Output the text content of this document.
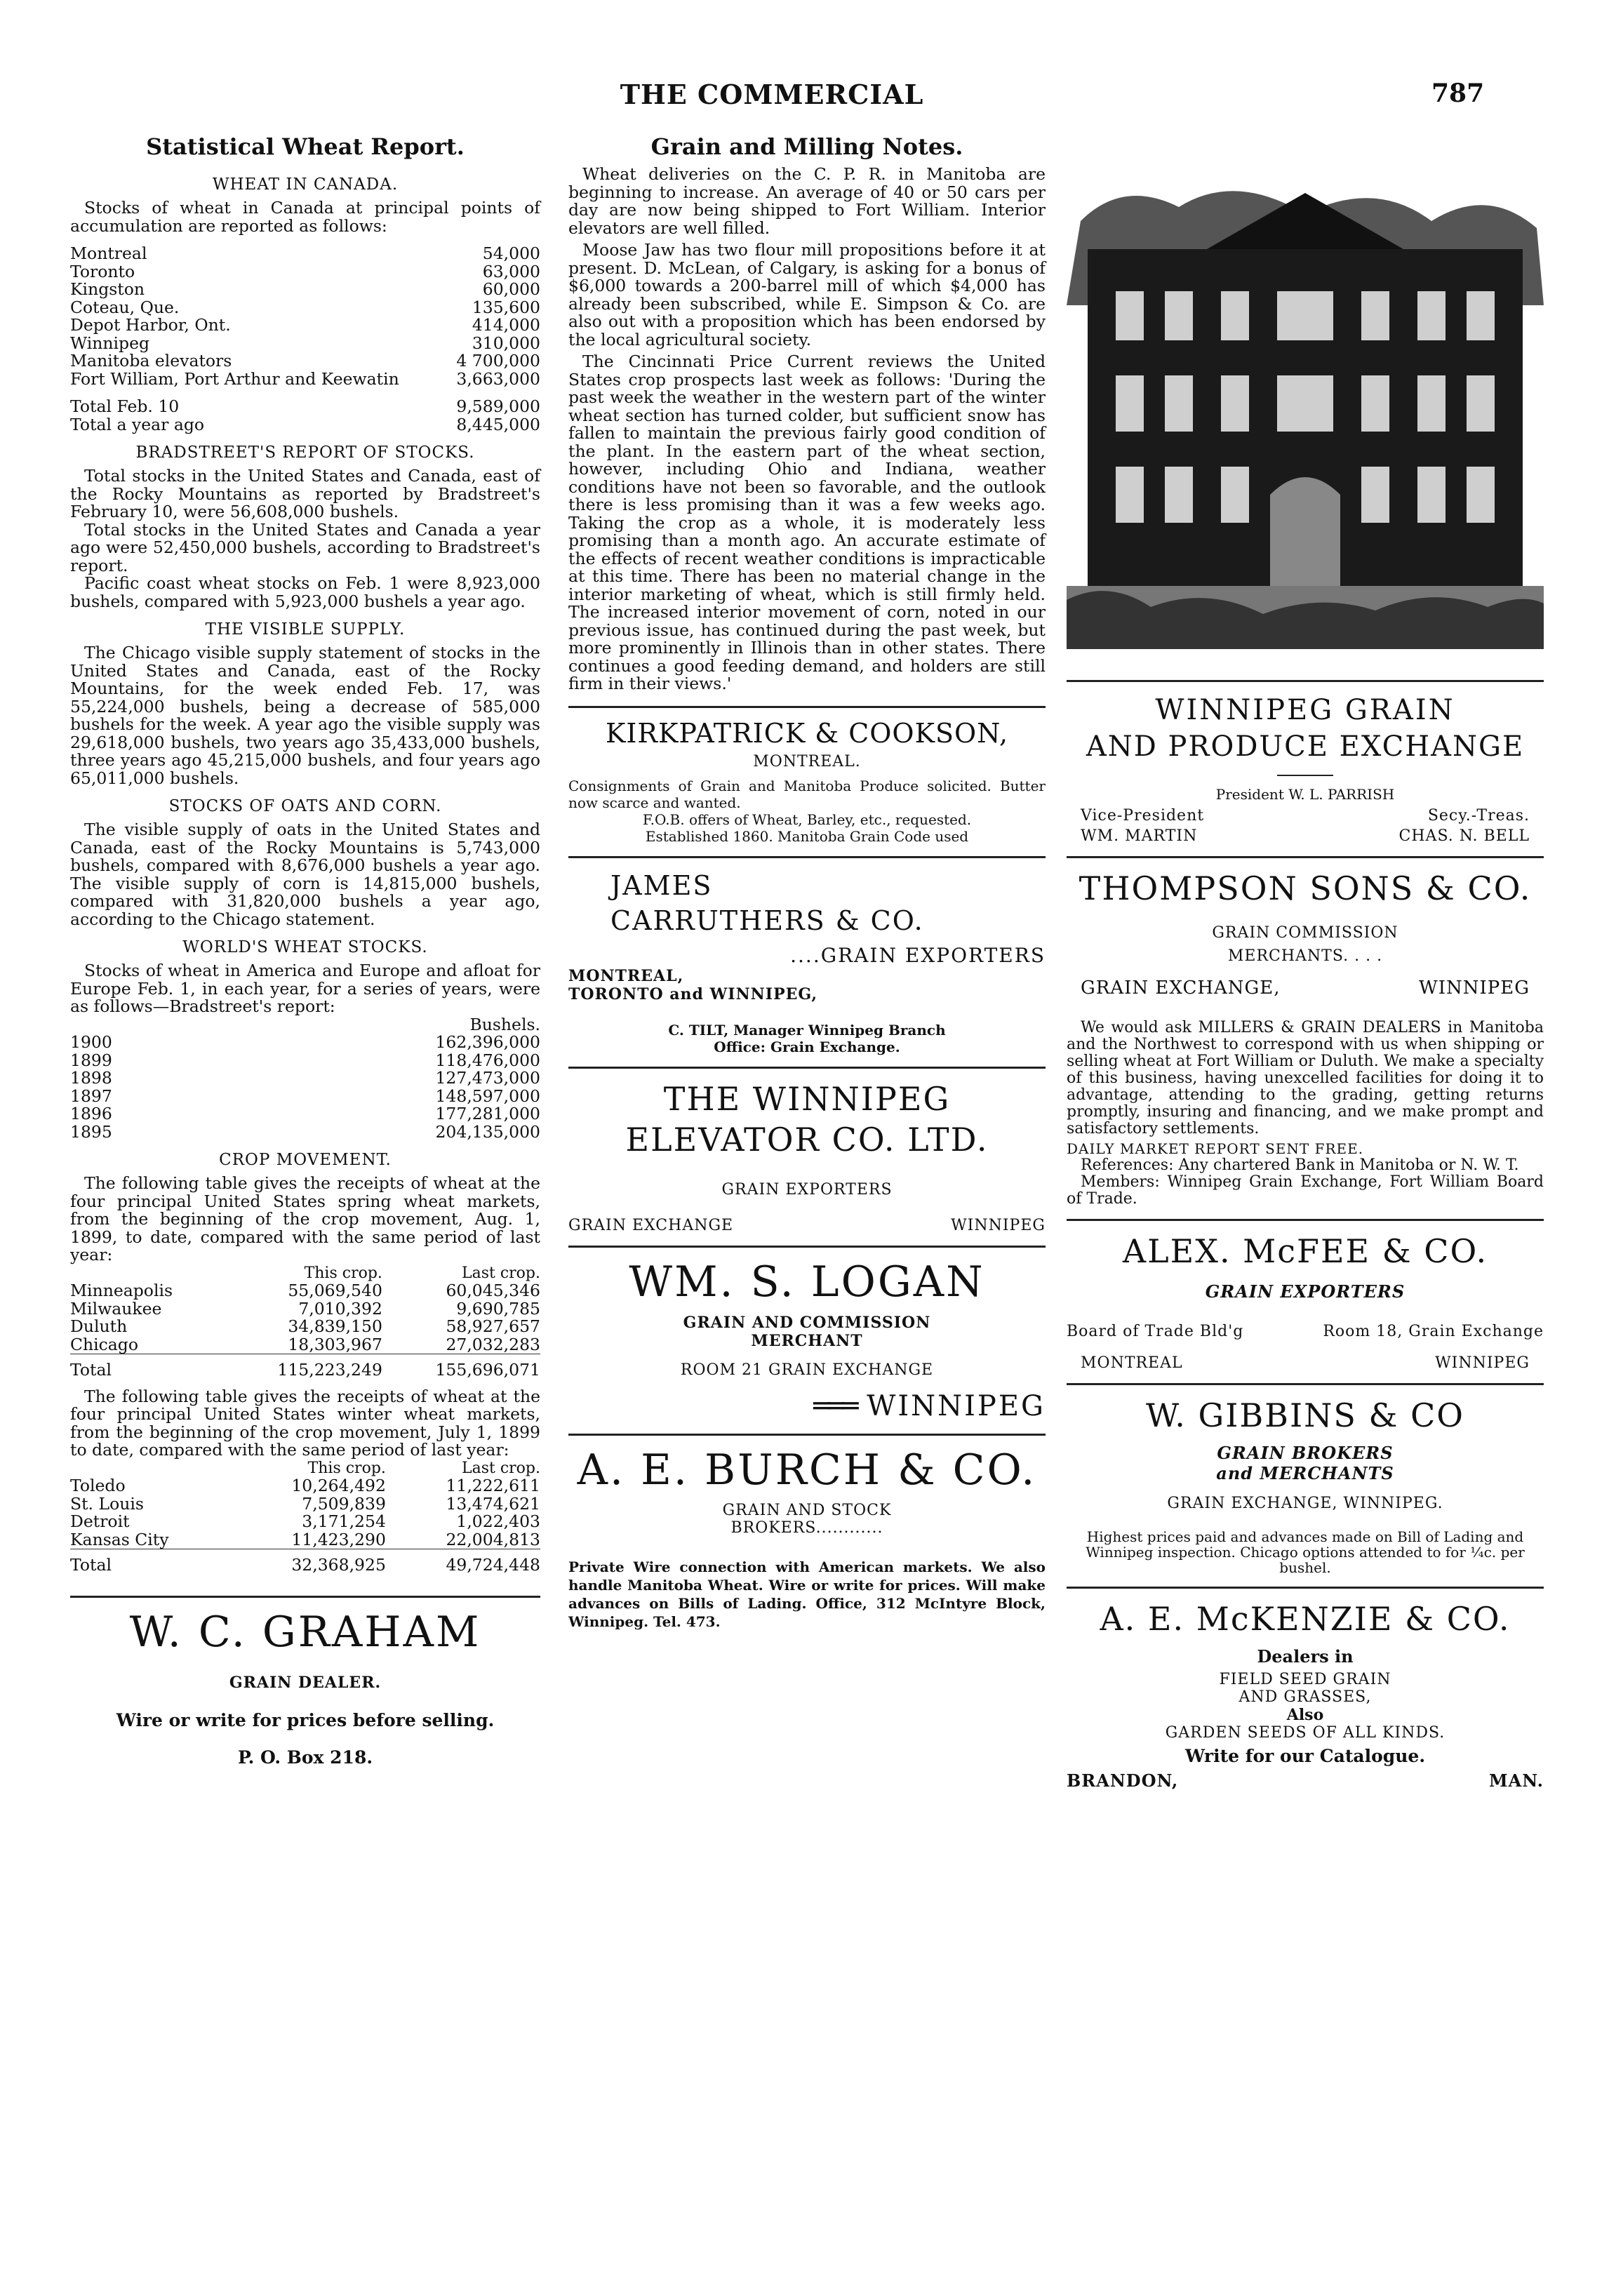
THE COMMERCIAL	787
Statistical Wheat Report.
WHEAT IN CANADA.

Stocks of wheat in Canada at principal points of accumulation are reported as follows:

Montreal	54,000
Toronto	63,000
Kingston	60,000
Coteau, Que.	135,600
Depot Harbor, Ont.	414,000
Winnipeg	310,000
Manitoba elevators	4 700,000
Fort William, Port Arthur and Keewatin	3,663,000
Total Feb. 10	9,589,000
Total a year ago	8,445,000
BRADSTREET'S REPORT OF STOCKS.

Total stocks in the United States and Canada, east of the Rocky Mountains as reported by Bradstreet's February 10, were 56,608,000 bushels.

Total stocks in the United States and Canada a year ago were 52,450,000 bushels, according to Bradstreet's report.

Pacific coast wheat stocks on Feb. 1 were 8,923,000 bushels, compared with 5,923,000 bushels a year ago.

THE VISIBLE SUPPLY.

The Chicago visible supply statement of stocks in the United States and Canada, east of the Rocky Mountains, for the week ended Feb. 17, was 55,224,000 bushels, being a decrease of 585,000 bushels for the week. A year ago the visible supply was 29,618,000 bushels, two years ago 35,433,000 bushels, three years ago 45,215,000 bushels, and four years ago 65,011,000 bushels.

STOCKS OF OATS AND CORN.

The visible supply of oats in the United States and Canada, east of the Rocky Mountains is 5,743,000 bushels, compared with 8,676,000 bushels a year ago. The visible supply of corn is 14,815,000 bushels, compared with 31,820,000 bushels a year ago, according to the Chicago statement.

WORLD'S WHEAT STOCKS.

Stocks of wheat in America and Europe and afloat for Europe Feb. 1, in each year, for a series of years, were as follows—Bradstreet's report:

Bushels.
1900	162,396,000
1899	118,476,000
1898	127,473,000
1897	148,597,000
1896	177,281,000
1895	204,135,000
CROP MOVEMENT.

The following table gives the receipts of wheat at the four principal United States spring wheat markets, from the beginning of the crop movement, Aug. 1, 1899, to date, compared with the same period of last year:

	This crop.	Last crop.
Minneapolis	55,069,540	60,045,346
Milwaukee	7,010,392	9,690,785
Duluth	34,839,150	58,927,657
Chicago	18,303,967	27,032,283
Total	115,223,249	155,696,071

The following table gives the receipts of wheat at the four principal United States winter wheat markets, from the beginning of the crop movement, July 1, 1899 to date, compared with the same period of last year:

	This crop.	Last crop.
Toledo	10,264,492	11,222,611
St. Louis	7,509,839	13,474,621
Detroit	3,171,254	1,022,403
Kansas City	11,423,290	22,004,813
Total	32,368,925	49,724,448
W. C. GRAHAM
GRAIN DEALER.
Wire or write for prices before selling.
P. O. Box 218.
Grain and Milling Notes.

Wheat deliveries on the C. P. R. in Manitoba are beginning to increase. An average of 40 or 50 cars per day are now being shipped to Fort William. Interior elevators are well filled.

Moose Jaw has two flour mill propositions before it at present. D. McLean, of Calgary, is asking for a bonus of $6,000 towards a 200-barrel mill of which $4,000 has already been subscribed, while E. Simpson & Co. are also out with a proposition which has been endorsed by the local agricultural society.

The Cincinnati Price Current reviews the United States crop prospects last week as follows: 'During the past week the weather in the western part of the winter wheat section has turned colder, but sufficient snow has fallen to maintain the previous fairly good condition of the plant. In the eastern part of the wheat section, however, including Ohio and Indiana, weather conditions have not been so favorable, and the outlook there is less promising than it was a few weeks ago. Taking the crop as a whole, it is moderately less promising than a month ago. An accurate estimate of the effects of recent weather conditions is impracticable at this time. There has been no material change in the interior marketing of wheat, which is still firmly held. The increased interior movement of corn, noted in our previous issue, has continued during the past week, but more prominently in Illinois than in other states. There continues a good feeding demand, and holders are still firm in their views.'

KIRKPATRICK & COOKSON,
MONTREAL.

Consignments of Grain and Manitoba Produce solicited. Butter now scarce and wanted.

F.O.B. offers of Wheat, Barley, etc., requested.

Established 1860. Manitoba Grain Code used

JAMES
CARRUTHERS & CO.
....GRAIN EXPORTERS
MONTREAL,
TORONTO and WINNIPEG,
C. TILT, Manager Winnipeg Branch
Office: Grain Exchange.
THE WINNIPEG
ELEVATOR CO. LTD.
GRAIN EXPORTERS
GRAIN EXCHANGE	WINNIPEG
WM. S. LOGAN
GRAIN AND COMMISSION
MERCHANT
ROOM 21 GRAIN EXCHANGE
═══ WINNIPEG
A. E. BURCH & CO.
GRAIN AND STOCK
BROKERS............

Private Wire connection with American markets. We also handle Manitoba Wheat. Wire or write for prices. Will make advances on Bills of Lading. Office, 312 McIntyre Block, Winnipeg. Tel. 473.

WINNIPEG GRAIN
AND PRODUCE EXCHANGE
President W. L. PARRISH
Vice-President	Secy.-Treas.
WM. MARTIN	CHAS. N. BELL
THOMPSON SONS & CO.
GRAIN COMMISSION
MERCHANTS. . . .
GRAIN EXCHANGE,	WINNIPEG

We would ask MILLERS & GRAIN DEALERS in Manitoba and the Northwest to correspond with us when shipping or selling wheat at Fort William or Duluth. We make a specialty of this business, having unexcelled facilities for doing it to advantage, attending to the grading, getting returns promptly, insuring and financing, and we make prompt and satisfactory settlements.

DAILY MARKET REPORT SENT FREE.

References: Any chartered Bank in Manitoba or N. W. T.

Members: Winnipeg Grain Exchange, Fort William Board of Trade.

ALEX. McFEE & CO.
GRAIN EXPORTERS
Board of Trade Bld'g	Room 18, Grain Exchange
MONTREAL	WINNIPEG
W. GIBBINS & CO
GRAIN BROKERS
and MERCHANTS
GRAIN EXCHANGE, WINNIPEG.

Highest prices paid and advances made on Bill of Lading and Winnipeg inspection. Chicago options attended to for ¼c. per bushel.

A. E. McKENZIE & CO.
Dealers in
FIELD SEED GRAIN
AND GRASSES,
Also
GARDEN SEEDS OF ALL KINDS.
Write for our Catalogue.
BRANDON,	MAN.
